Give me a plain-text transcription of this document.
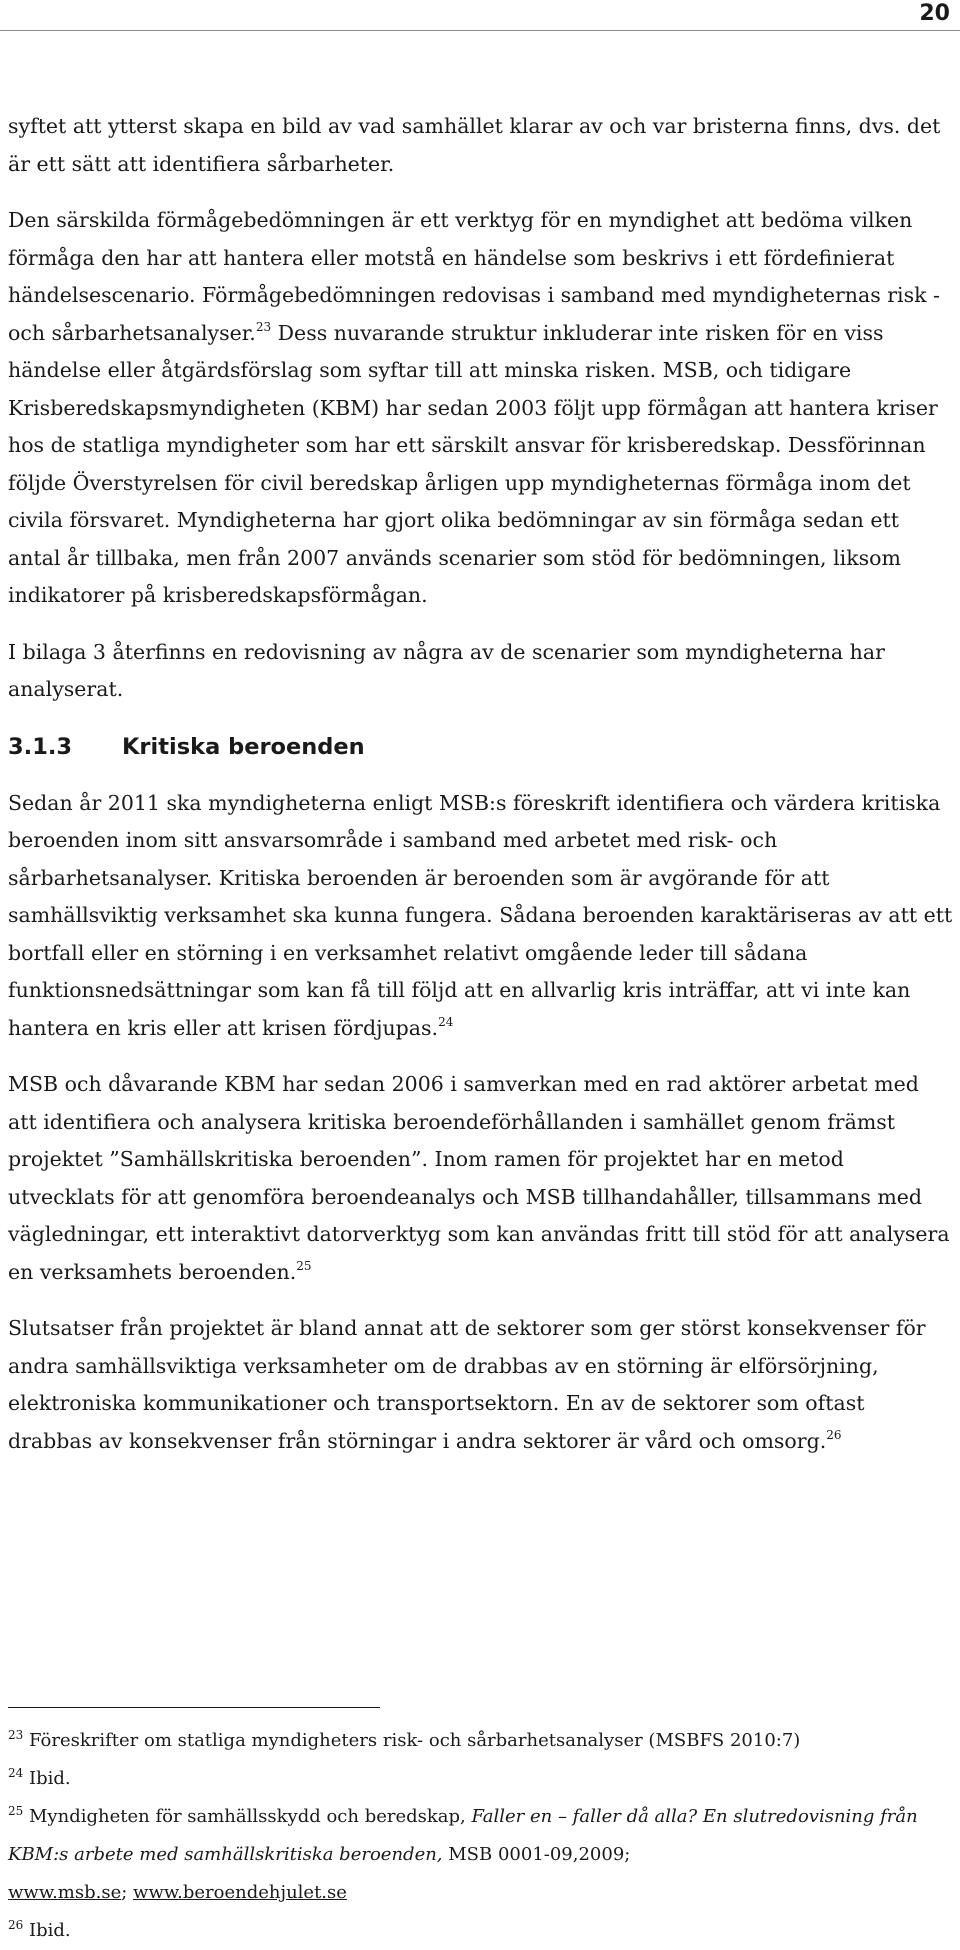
20

syftet att ytterst skapa en bild av vad samhället klarar av och var bristerna finns, dvs. det är ett sätt att identifiera sårbarheter.

Den särskilda förmågebedömningen är ett verktyg för en myndighet att bedöma vilken förmåga den har att hantera eller motstå en händelse som beskrivs i ett fördefinierat händelsescenario. Förmågebedömningen redovisas i samband med myndigheternas risk - och sårbarhetsanalyser.$^{23}$ Dess nuvarande struktur inkluderar inte risken för en viss händelse eller åtgärdsförslag som syftar till att minska risken. MSB, och tidigare Krisberedskapsmyndigheten (KBM) har sedan 2003 följt upp förmågan att hantera kriser hos de statliga myndigheter som har ett särskilt ansvar för krisberedskap. Dessförinnan följde Överstyrelsen för civil beredskap årligen upp myndigheternas förmåga inom det civila försvaret. Myndigheterna har gjort olika bedömningar av sin förmåga sedan ett antal år tillbaka, men från 2007 används scenarier som stöd för bedömningen, liksom indikatorer på krisberedskapsförmågan.

I bilaga 3 återfinns en redovisning av några av de scenarier som myndigheterna har analyserat.

3.1.3 Kritiska beroenden

Sedan år 2011 ska myndigheterna enligt MSB:s föreskrift identifiera och värdera kritiska beroenden inom sitt ansvarsområde i samband med arbetet med risk- och sårbarhetsanalyser. Kritiska beroenden är beroenden som är avgörande för att samhällsviktig verksamhet ska kunna fungera. Sådana beroenden karaktäriseras av att ett bortfall eller en störning i en verksamhet relativt omgående leder till sådana funktionsnedsättningar som kan få till följd att en allvarlig kris inträffar, att vi inte kan hantera en kris eller att krisen fördjupas.$^{24}$

MSB och dåvarande KBM har sedan 2006 i samverkan med en rad aktörer arbetat med att identifiera och analysera kritiska beroendeförhållanden i samhället genom främst projektet ”Samhällskritiska beroenden”. Inom ramen för projektet har en metod utvecklats för att genomföra beroendeanalys och MSB tillhandahåller, tillsammans med vägledningar, ett interaktivt datorverktyg som kan användas fritt till stöd för att analysera en verksamhets beroenden.$^{25}$

Slutsatser från projektet är bland annat att de sektorer som ger störst konsekvenser för andra samhällsviktiga verksamheter om de drabbas av en störning är elförsörjning, elektroniska kommunikationer och transportsektorn. En av de sektorer som oftast drabbas av konsekvenser från störningar i andra sektorer är vård och omsorg.$^{26}$

$^{23}$ Föreskrifter om statliga myndigheters risk- och sårbarhetsanalyser (MSBFS 2010:7)
$^{24}$ Ibid.
$^{25}$ Myndigheten för samhällsskydd och beredskap, Faller en – faller då alla? En slutredovisning från KBM:s arbete med samhällskritiska beroenden, MSB 0001-09,2009;
www.msb.se; www.beroendehjulet.se
$^{26}$ Ibid.
